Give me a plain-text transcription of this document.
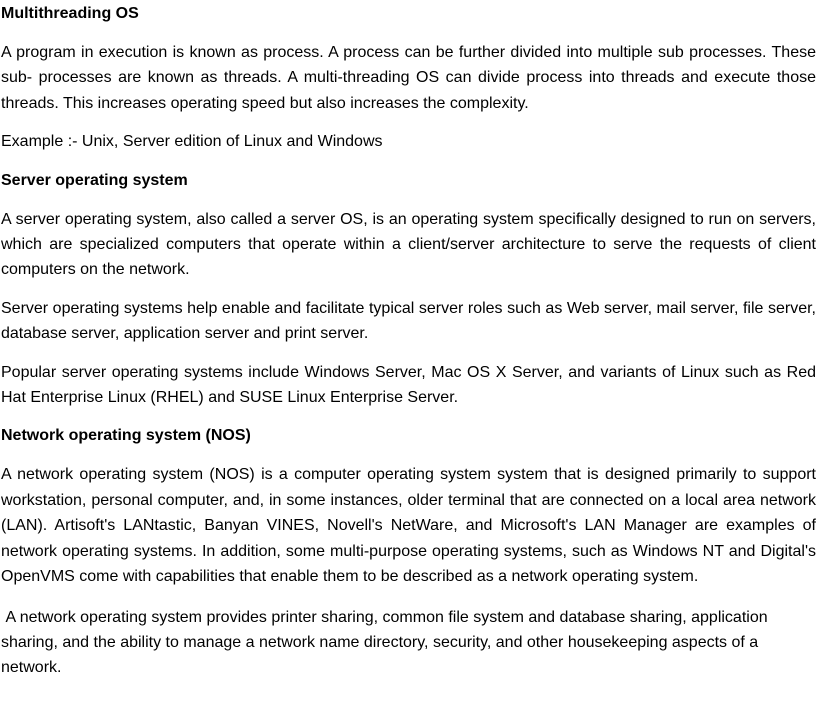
Multithreading OS

A program in execution is known as process. A process can be further divided into multiple sub processes. These sub- processes are known as threads. A multi-threading OS can divide process into threads and execute those threads. This increases operating speed but also increases the complexity.

Example :- Unix, Server edition of Linux and Windows

Server operating system

A server operating system, also called a server OS, is an operating system specifically designed to run on servers, which are specialized computers that operate within a client/server architecture to serve the requests of client computers on the network.

Server operating systems help enable and facilitate typical server roles such as Web server, mail server, file server, database server, application server and print server.

Popular server operating systems include Windows Server, Mac OS X Server, and variants of Linux such as Red Hat Enterprise Linux (RHEL) and SUSE Linux Enterprise Server.

Network operating system (NOS)

A network operating system (NOS) is a computer operating system system that is designed primarily to support workstation, personal computer, and, in some instances, older terminal that are connected on a local area network (LAN). Artisoft's LANtastic, Banyan VINES, Novell's NetWare, and Microsoft's LAN Manager are examples of network operating systems. In addition, some multi-purpose operating systems, such as Windows NT and Digital's OpenVMS come with capabilities that enable them to be described as a network operating system.

A network operating system provides printer sharing, common file system and database sharing, application sharing, and the ability to manage a network name directory, security, and other housekeeping aspects of a network.
